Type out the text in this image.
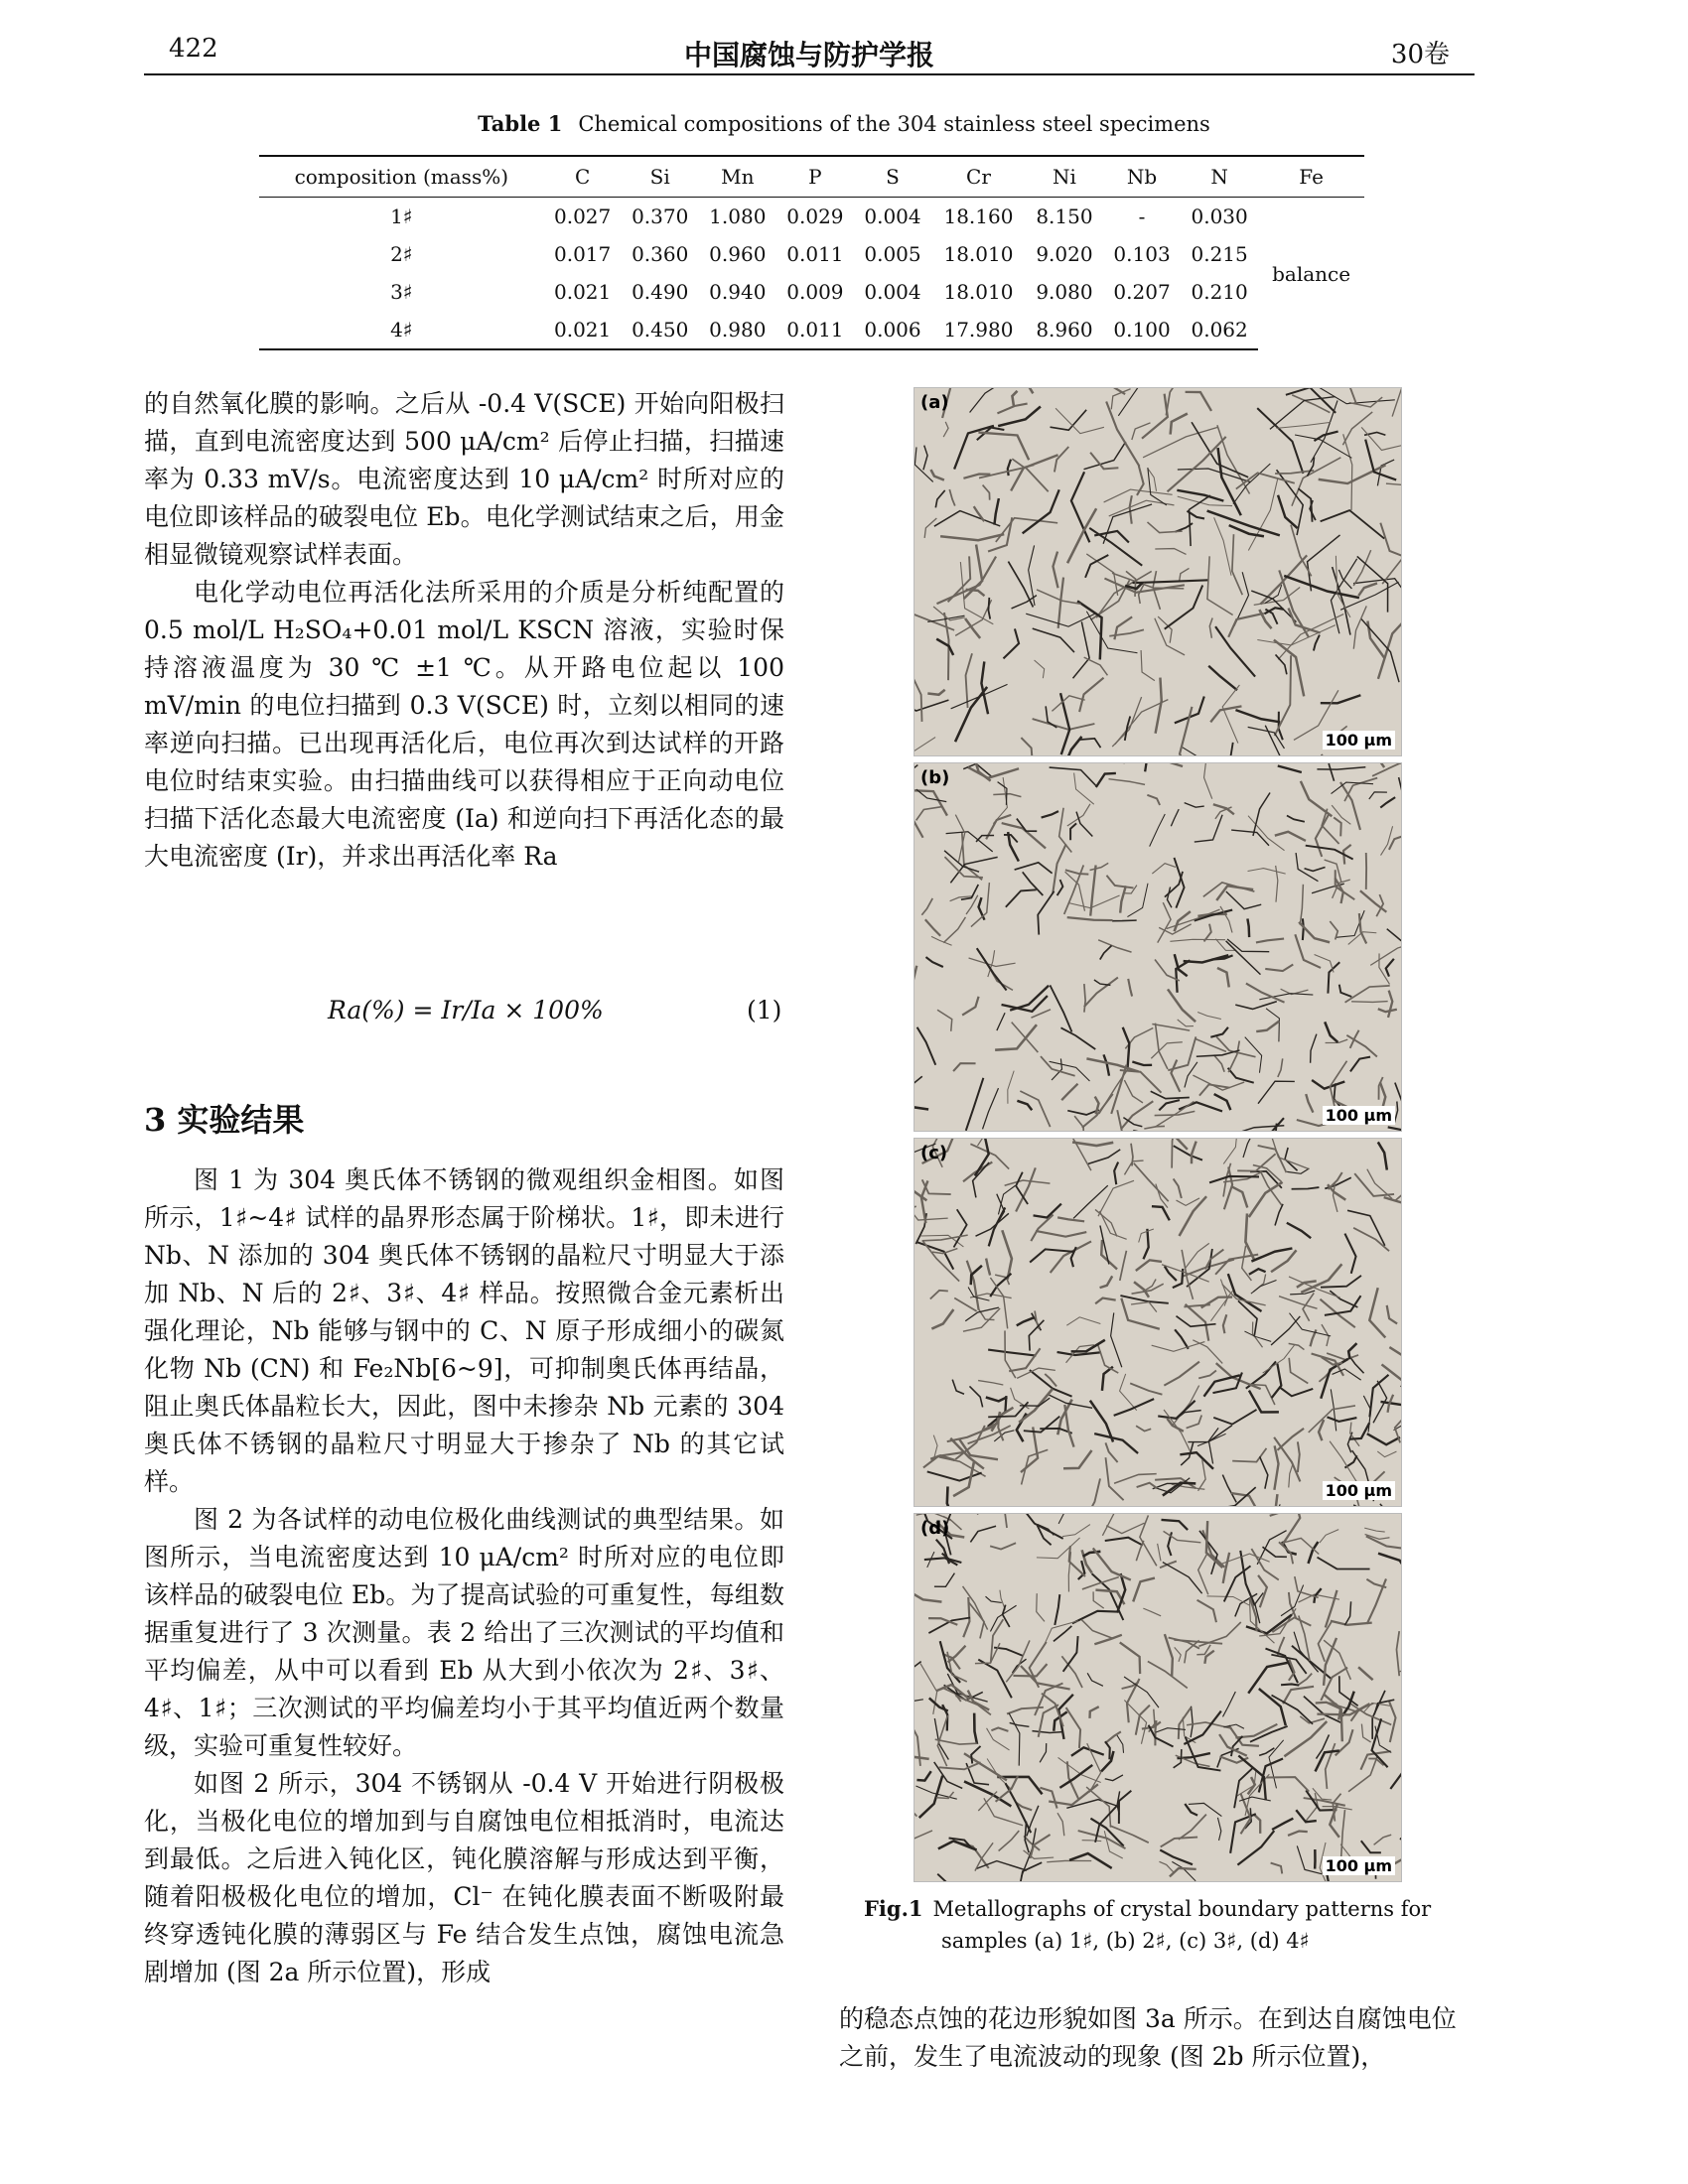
422	中国腐蚀与防护学报	30卷
Table 1 Chemical compositions of the 304 stainless steel specimens
composition (mass%)	C	Si	Mn	P	S	Cr	Ni	Nb	N	Fe
1♯	0.027	0.370	1.080	0.029	0.004	18.160	8.150	-	0.030	balance
2♯	0.017	0.360	0.960	0.011	0.005	18.010	9.020	0.103	0.215	
3♯	0.021	0.490	0.940	0.009	0.004	18.010	9.080	0.207	0.210	
4♯	0.021	0.450	0.980	0.011	0.006	17.980	8.960	0.100	0.062	

的自然氧化膜的影响。之后从 -0.4 V(SCE) 开始向阳极扫描，直到电流密度达到 500 μA/cm² 后停止扫描，扫描速率为 0.33 mV/s。电流密度达到 10 μA/cm² 时所对应的电位即该样品的破裂电位 Eb。电化学测试结束之后，用金相显微镜观察试样表面。

电化学动电位再活化法所采用的介质是分析纯配置的 0.5 mol/L H₂SO₄+0.01 mol/L KSCN 溶液，实验时保持溶液温度为 30 ℃ ±1 ℃。从开路电位起以 100 mV/min 的电位扫描到 0.3 V(SCE) 时，立刻以相同的速率逆向扫描。已出现再活化后，电位再次到达试样的开路电位时结束实验。由扫描曲线可以获得相应于正向动电位扫描下活化态最大电流密度 (Ia) 和逆向扫下再活化态的最大电流密度 (Ir)，并求出再活化率 Ra

Ra(%) = Ir/Ia × 100%	(1)
3 实验结果

图 1 为 304 奥氏体不锈钢的微观组织金相图。如图所示，1♯~4♯ 试样的晶界形态属于阶梯状。1♯，即未进行 Nb、N 添加的 304 奥氏体不锈钢的晶粒尺寸明显大于添加 Nb、N 后的 2♯、3♯、4♯ 样品。按照微合金元素析出强化理论，Nb 能够与钢中的 C、N 原子形成细小的碳氮化物 Nb (CN) 和 Fe₂Nb[6~9]，可抑制奥氏体再结晶，阻止奥氏体晶粒长大，因此，图中未掺杂 Nb 元素的 304 奥氏体不锈钢的晶粒尺寸明显大于掺杂了 Nb 的其它试样。

图 2 为各试样的动电位极化曲线测试的典型结果。如图所示，当电流密度达到 10 μA/cm² 时所对应的电位即该样品的破裂电位 Eb。为了提高试验的可重复性，每组数据重复进行了 3 次测量。表 2 给出了三次测试的平均值和平均偏差，从中可以看到 Eb 从大到小依次为 2♯、3♯、4♯、1♯；三次测试的平均偏差均小于其平均值近两个数量级，实验可重复性较好。

如图 2 所示，304 不锈钢从 -0.4 V 开始进行阴极极化，当极化电位的增加到与自腐蚀电位相抵消时，电流达到最低。之后进入钝化区，钝化膜溶解与形成达到平衡，随着阳极极化电位的增加，Cl⁻ 在钝化膜表面不断吸附最终穿透钝化膜的薄弱区与 Fe 结合发生点蚀，腐蚀电流急剧增加 (图 2a 所示位置)，形成

(a)
100 μm
(b)
100 μm
(c)
100 μm
(d)
100 μm
Fig.1 Metallographs of crystal boundary patterns for
samples (a) 1♯, (b) 2♯, (c) 3♯, (d) 4♯

的稳态点蚀的花边形貌如图 3a 所示。在到达自腐蚀电位之前，发生了电流波动的现象 (图 2b 所示位置)，
